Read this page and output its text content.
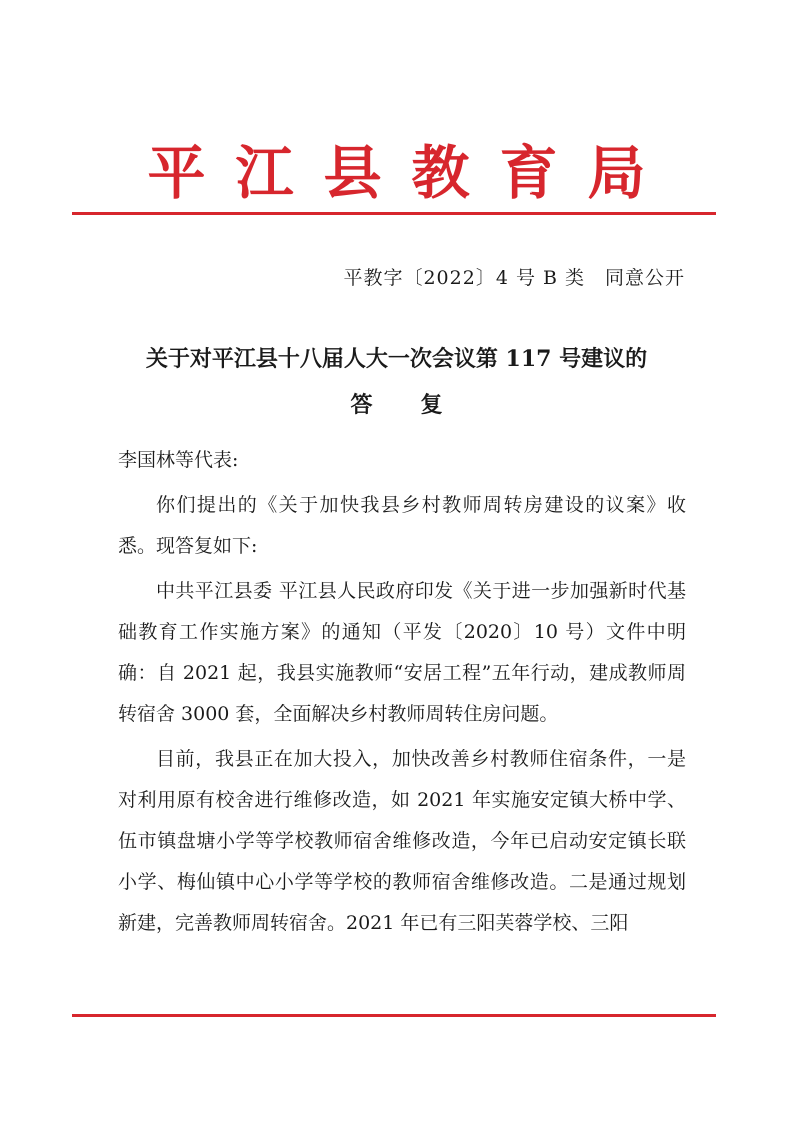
平江县教育局
平教字〔2022〕4 号 B 类　同意公开
关于对平江县十八届人大一次会议第 117 号建议的
答复

李国林等代表:

你们提出的《关于加快我县乡村教师周转房建设的议案》收悉。现答复如下:

中共平江县委 平江县人民政府印发《关于进一步加强新时代基础教育工作实施方案》的通知（平发〔2020〕10 号）文件中明确：自 2021 起，我县实施教师“安居工程”五年行动，建成教师周转宿舍 3000 套，全面解决乡村教师周转住房问题。

目前，我县正在加大投入，加快改善乡村教师住宿条件，一是对利用原有校舍进行维修改造，如 2021 年实施安定镇大桥中学、伍市镇盘塘小学等学校教师宿舍维修改造，今年已启动安定镇长联小学、梅仙镇中心小学等学校的教师宿舍维修改造。二是通过规划新建，完善教师周转宿舍。2021 年已有三阳芙蓉学校、三阳
